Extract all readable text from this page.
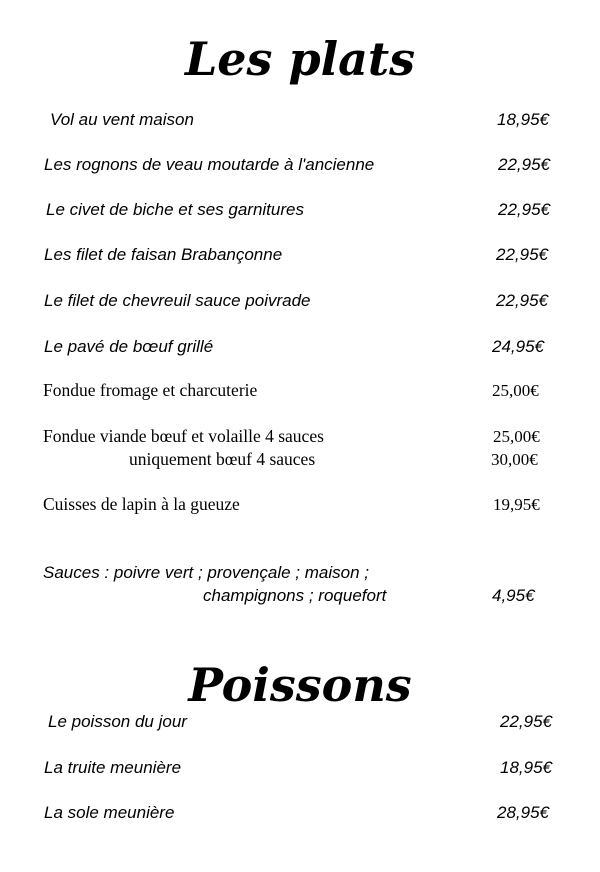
Les plats
Vol au vent maison	18,95€
Les rognons de veau moutarde à l'ancienne	22,95€
Le civet de biche et ses garnitures	22,95€
Les filet de faisan Brabançonne	22,95€
Le filet de chevreuil sauce poivrade	22,95€
Le pavé de bœuf grillé	24,95€
Fondue fromage et charcuterie	25,00€
Fondue viande bœuf et volaille 4 sauces	25,00€
uniquement bœuf 4 sauces	30,00€
Cuisses de lapin à la gueuze	19,95€
Sauces : poivre vert ; provençale ; maison ;
champignons ; roquefort	4,95€
Poissons
Le poisson du jour	22,95€
La truite meunière	18,95€
La sole meunière	28,95€
